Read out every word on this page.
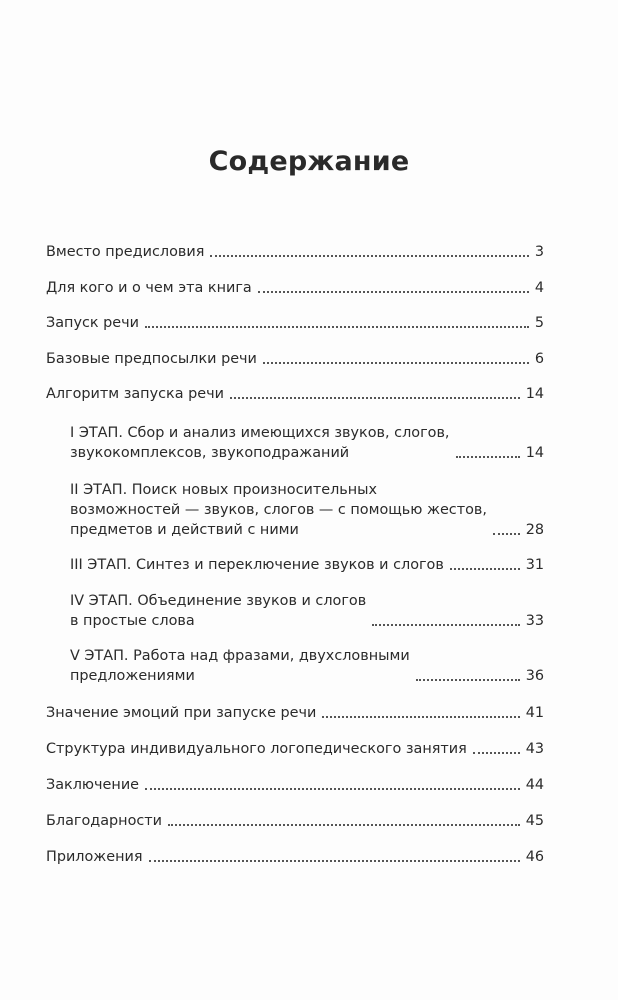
Содержание
Вместо предисловия	3
Для кого и о чем эта книга	4
Запуск речи	5
Базовые предпосылки речи	6
Алгоритм запуска речи	14
I ЭТАП. Сбор и анализ имеющихся звуков, слогов,
звукокомплексов, звукоподражаний	14
II ЭТАП. Поиск новых произносительных
возможностей — звуков, слогов — с помощью жестов,
предметов и действий с ними	28
III ЭТАП. Синтез и переключение звуков и слогов	31
IV ЭТАП. Объединение звуков и слогов
в простые слова	33
V ЭТАП. Работа над фразами, двухсловными
предложениями	36
Значение эмоций при запуске речи	41
Структура индивидуального логопедического занятия	43
Заключение	44
Благодарности	45
Приложения	46
